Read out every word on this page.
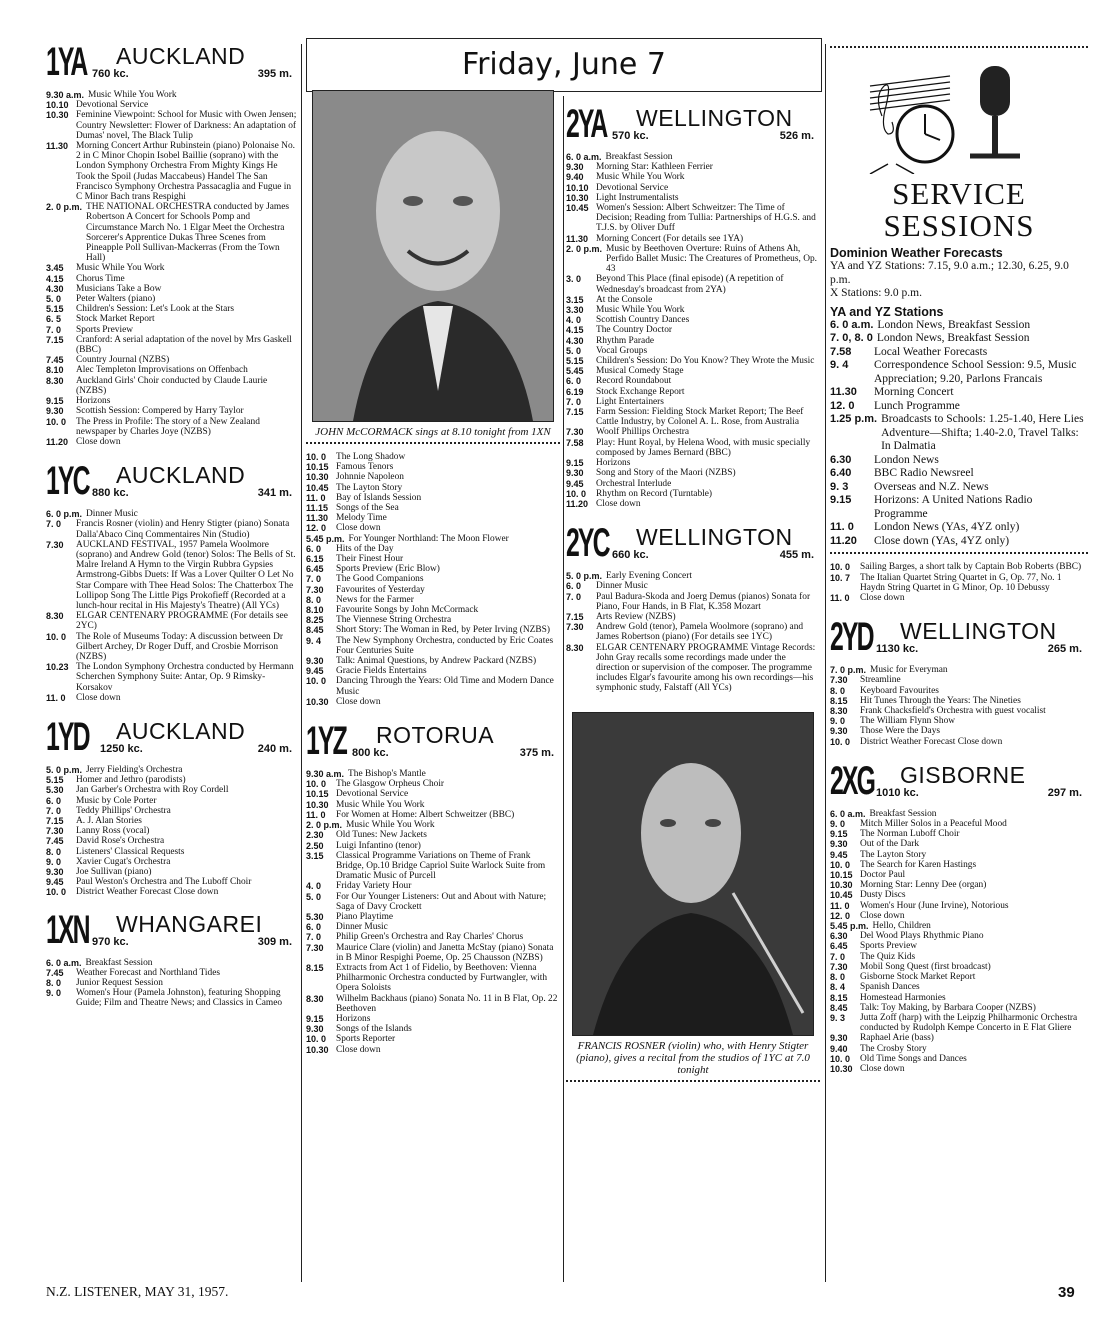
Friday, June 7
1YA AUCKLAND
760 kc.	395 m.
9.30 a.m. Music While You Work
10.10 Devotional Service
10.30 Feminine Viewpoint: School for Music with Owen Jensen; Country Newsletter: Flower of Darkness: An adaptation of Dumas' novel, The Black Tulip
11.30 Morning Concert Arthur Rubinstein (piano) Polonaise No. 2 in C Minor Chopin Isobel Baillie (soprano) with the London Symphony Orchestra From Mighty Kings He Took the Spoil (Judas Maccabeus) Handel The San Francisco Symphony Orchestra Passacaglia and Fugue in C Minor Bach trans Respighi
2. 0 p.m. THE NATIONAL ORCHESTRA conducted by James Robertson A Concert for Schools Pomp and Circumstance March No. 1 Elgar Meet the Orchestra Sorcerer's Apprentice Dukas Three Scenes from Pineapple Poll Sullivan-Mackerras (From the Town Hall)
3.45	Music While You Work
4.15	Chorus Time
4.30	Musicians Take a Bow
5. 0	Peter Walters (piano)
5.15	Children's Session: Let's Look at the Stars
6. 5	Stock Market Report
7. 0	Sports Preview
7.15	Cranford: A serial adaptation of the novel by Mrs Gaskell (BBC)
7.45	Country Journal (NZBS)
8.10	Alec Templeton Improvisations on Offenbach
8.30	Auckland Girls' Choir conducted by Claude Laurie (NZBS)
9.15	Horizons
9.30	Scottish Session: Compered by Harry Taylor
10. 0	The Press in Profile: The story of a New Zealand newspaper by Charles Joye (NZBS)
11.20 Close down
1YC AUCKLAND
880 kc.	341 m.
6. 0 p.m. Dinner Music
7. 0	Francis Rosner (violin) and Henry Stigter (piano) Sonata Dalla'Abaco Cinq Commentaires Nin (Studio)
7.30	AUCKLAND FESTIVAL, 1957 Pamela Woolmore (soprano) and Andrew Gold (tenor) Solos: The Bells of St. Malre Ireland A Hymn to the Virgin Rubbra Gypsies Armstrong-Gibbs Duets: If Was a Lover Quilter O Let No Star Compare with Thee Head Solos: The Chatterbox The Lollipop Song The Little Pigs Prokofieff (Recorded at a lunch-hour recital in His Majesty's Theatre) (All YCs)
8.30	ELGAR CENTENARY PROGRAMME (For details see 2YC)
10. 0	The Role of Museums Today: A discussion between Dr Gilbert Archey, Dr Roger Duff, and Crosbie Morrison (NZBS)
10.23 The London Symphony Orchestra conducted by Hermann Scherchen Symphony Suite: Antar, Op. 9 Rimsky-Korsakov
11. 0	Close down
1YD AUCKLAND
1250 kc.	240 m.
5. 0 p.m. Jerry Fielding's Orchestra
5.15	Homer and Jethro (parodists)
5.30	Jan Garber's Orchestra with Roy Cordell
6. 0	Music by Cole Porter
7. 0	Teddy Phillips' Orchestra
7.15	A. J. Alan Stories
7.30	Lanny Ross (vocal)
7.45	David Rose's Orchestra
8. 0	Listeners' Classical Requests
9. 0	Xavier Cugat's Orchestra
9.30	Joe Sullivan (piano)
9.45	Paul Weston's Orchestra and The Luboff Choir
10. 0	District Weather Forecast Close down
1XN WHANGAREI
970 kc.	309 m.
6. 0 a.m. Breakfast Session
7.45	Weather Forecast and Northland Tides
8. 0	Junior Request Session
9. 0	Women's Hour (Pamela Johnston), featuring Shopping Guide; Film and Theatre News; and Classics in Cameo
JOHN McCORMACK sings at 8.10 tonight from 1XN
10. 0	The Long Shadow
10.15 Famous Tenors
10.30 Johnnie Napoleon
10.45 The Layton Story
11. 0	Bay of Islands Session
11.15 Songs of the Sea
11.30 Melody Time
12. 0	Close down
5.45 p.m. For Younger Northland: The Moon Flower
6. 0	Hits of the Day
6.15	Their Finest Hour
6.45	Sports Preview (Eric Blow)
7. 0	The Good Companions
7.30	Favourites of Yesterday
8. 0	News for the Farmer
8.10	Favourite Songs by John McCormack
8.25	The Viennese String Orchestra
8.45	Short Story: The Woman in Red, by Peter Irving (NZBS)
9. 4	The New Symphony Orchestra, conducted by Eric Coates Four Centuries Suite
9.30	Talk: Animal Questions, by Andrew Packard (NZBS)
9.45	Gracie Fields Entertains
10. 0	Dancing Through the Years: Old Time and Modern Dance Music
10.30 Close down
1YZ ROTORUA
800 kc.	375 m.
9.30 a.m. The Bishop's Mantle
10. 0	The Glasgow Orpheus Choir
10.15 Devotional Service
10.30 Music While You Work
11. 0	For Women at Home: Albert Schweitzer (BBC)
2. 0 p.m. Music While You Work
2.30	Old Tunes: New Jackets
2.50	Luigi Infantino (tenor)
3.15	Classical Programme Variations on Theme of Frank Bridge, Op.10 Bridge Capriol Suite Warlock Suite from Dramatic Music of Purcell
4. 0	Friday Variety Hour
5. 0	For Our Younger Listeners: Out and About with Nature; Saga of Davy Crockett
5.30	Piano Playtime
6. 0	Dinner Music
7. 0	Philip Green's Orchestra and Ray Charles' Chorus
7.30	Maurice Clare (violin) and Janetta McStay (piano) Sonata in B Minor Respighi Poeme, Op. 25 Chausson (NZBS)
8.15	Extracts from Act 1 of Fidelio, by Beethoven: Vienna Philharmonic Orchestra conducted by Furtwangler, with Opera Soloists
8.30	Wilhelm Backhaus (piano) Sonata No. 11 in B Flat, Op. 22 Beethoven
9.15	Horizons
9.30	Songs of the Islands
10. 0	Sports Reporter
10.30 Close down
2YA WELLINGTON
570 kc.	526 m.
6. 0 a.m. Breakfast Session
9.30	Morning Star: Kathleen Ferrier
9.40	Music While You Work
10.10 Devotional Service
10.30 Light Instrumentalists
10.45 Women's Session: Albert Schweitzer: The Time of Decision; Reading from Tullia: Partnerships of H.G.S. and T.J.S. by Oliver Duff
11.30 Morning Concert (For details see 1YA)
2. 0 p.m. Music by Beethoven Overture: Ruins of Athens Ah, Perfido Ballet Music: The Creatures of Prometheus, Op. 43
3. 0	Beyond This Place (final episode) (A repetition of Wednesday's broadcast from 2YA)
3.15	At the Console
3.30	Music While You Work
4. 0	Scottish Country Dances
4.15	The Country Doctor
4.30	Rhythm Parade
5. 0	Vocal Groups
5.15	Children's Session: Do You Know? They Wrote the Music
5.45	Musical Comedy Stage
6. 0	Record Roundabout
6.19	Stock Exchange Report
7. 0	Light Entertainers
7.15	Farm Session: Fielding Stock Market Report; The Beef Cattle Industry, by Colonel A. L. Rose, from Australia
7.30	Woolf Phillips Orchestra
7.58	Play: Hunt Royal, by Helena Wood, with music specially composed by James Bernard (BBC)
9.15	Horizons
9.30	Song and Story of the Maori (NZBS)
9.45	Orchestral Interlude
10. 0	Rhythm on Record (Turntable)
11.20 Close down
2YC WELLINGTON
660 kc.	455 m.
5. 0 p.m. Early Evening Concert
6. 0	Dinner Music
7. 0	Paul Badura-Skoda and Joerg Demus (pianos) Sonata for Piano, Four Hands, in B Flat, K.358 Mozart
7.15	Arts Review (NZBS)
7.30	Andrew Gold (tenor), Pamela Woolmore (soprano) and James Robertson (piano) (For details see 1YC)
8.30	ELGAR CENTENARY PROGRAMME Vintage Records: John Gray recalls some recordings made under the direction or supervision of the composer. The programme includes Elgar's favourite among his own recordings—his symphonic study, Falstaff (All YCs)
FRANCIS ROSNER (violin) who, with Henry Stigter (piano), gives a recital from the studios of 1YC at 7.0 tonight
SERVICE SESSIONS
Dominion Weather Forecasts
YA and YZ Stations: 7.15, 9.0 a.m.; 12.30, 6.25, 9.0 p.m.
X Stations: 9.0 p.m.
YA and YZ Stations
6. 0 a.m. London News, Breakfast Session
7. 0, 8. 0 London News, Breakfast Session
7.58	Local Weather Forecasts
9. 4	Correspondence School Session: 9.5, Music Appreciation; 9.20, Parlons Francais
11.30	Morning Concert
12. 0	Lunch Programme
1.25 p.m. Broadcasts to Schools: 1.25-1.40, Here Lies Adventure—Shifta; 1.40-2.0, Travel Talks: In Dalmatia
6.30	London News
6.40	BBC Radio Newsreel
9. 3	Overseas and N.Z. News
9.15	Horizons: A United Nations Radio Programme
11. 0	London News (YAs, 4YZ only)
11.20	Close down (YAs, 4YZ only)
10. 0	Sailing Barges, a short talk by Captain Bob Roberts (BBC)
10. 7	The Italian Quartet String Quartet in G, Op. 77, No. 1 Haydn String Quartet in G Minor, Op. 10 Debussy
11. 0	Close down
2YD WELLINGTON
1130 kc.	265 m.
7. 0 p.m. Music for Everyman
7.30	Streamline
8. 0	Keyboard Favourites
8.15	Hit Tunes Through the Years: The Nineties
8.30	Frank Chacksfield's Orchestra with guest vocalist
9. 0	The William Flynn Show
9.30	Those Were the Days
10. 0	District Weather Forecast Close down
2XG GISBORNE
1010 kc.	297 m.
6. 0 a.m. Breakfast Session
9. 0	Mitch Miller Solos in a Peaceful Mood
9.15	The Norman Luboff Choir
9.30	Out of the Dark
9.45	The Layton Story
10. 0	The Search for Karen Hastings
10.15 Doctor Paul
10.30 Morning Star: Lenny Dee (organ)
10.45 Dusty Discs
11. 0	Women's Hour (June Irvine), Notorious
12. 0	Close down
5.45 p.m. Hello, Children
6.30	Del Wood Plays Rhythmic Piano
6.45	Sports Preview
7. 0	The Quiz Kids
7.30	Mobil Song Quest (first broadcast)
8. 0	Gisborne Stock Market Report
8. 4	Spanish Dances
8.15	Homestead Harmonies
8.45	Talk: Toy Making, by Barbara Cooper (NZBS)
9. 3	Jutta Zoff (harp) with the Leipzig Philharmonic Orchestra conducted by Rudolph Kempe Concerto in E Flat Gliere
9.30	Raphael Arie (bass)
9.40	The Crosby Story
10. 0	Old Time Songs and Dances
10.30 Close down
N.Z. LISTENER, MAY 31, 1957.	39
